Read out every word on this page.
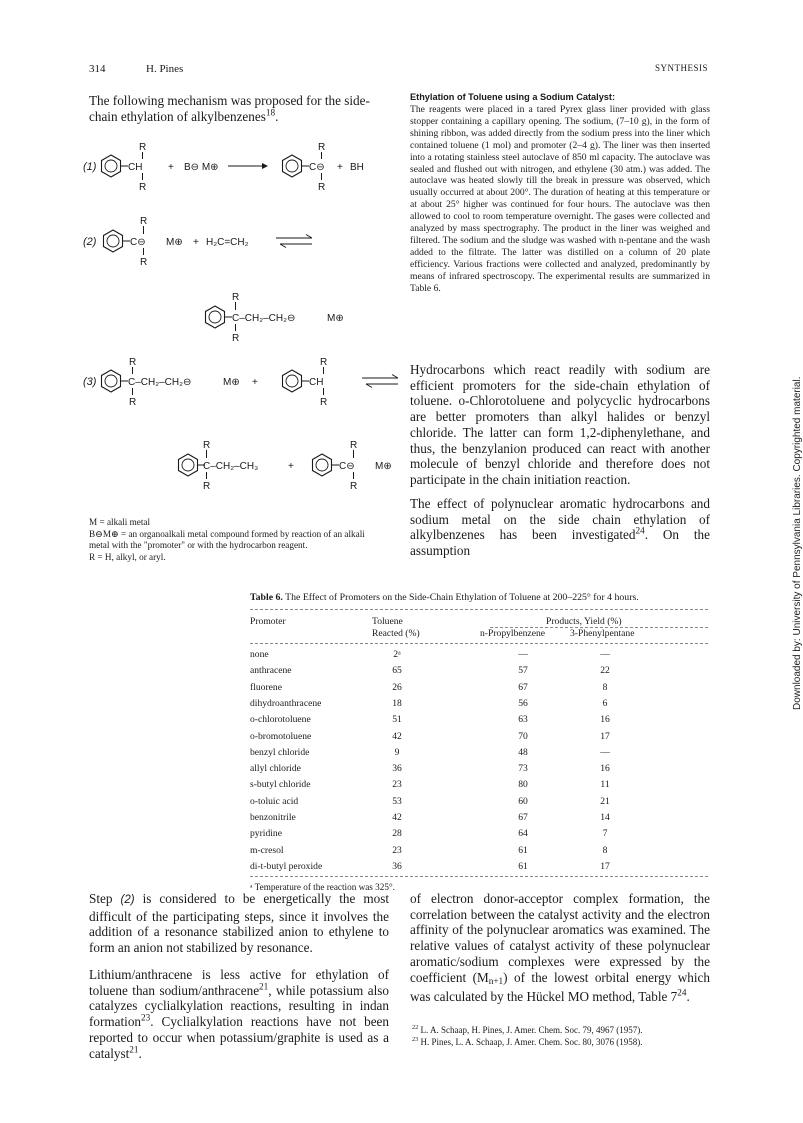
314	H. Pines	SYNTHESIS
The following mechanism was proposed for the side-chain ethylation of alkylbenzenes$^{18}$.
(1)
R
CH
R
+ B⊖ M⊕
R
C⊖
R
+ BH
(2)
R
C⊖
R
M⊕ + H₂C=CH₂
R
C–CH₂–CH₂⊖
R
M⊕
(3)
R
C–CH₂–CH₂⊖
R
M⊕ +
R
CH
R
R
C–CH₂–CH₃
R
+
R
C⊖
R
M⊕
M = alkali metal
B⊖M⊕ = an organoalkali metal compound formed by reaction of an alkali metal with the "promoter" or with the hydrocarbon reagent.
R = H, alkyl, or aryl.
Ethylation of Toluene using a Sodium Catalyst:
The reagents were placed in a tared Pyrex glass liner provided with glass stopper containing a capillary opening. The sodium, (7–10 g), in the form of shining ribbon, was added directly from the sodium press into the liner which contained toluene (1 mol) and promoter (2–4 g). The liner was then inserted into a rotating stainless steel autoclave of 850 ml capacity. The autoclave was sealed and flushed out with nitrogen, and ethylene (30 atm.) was added. The autoclave was heated slowly till the break in pressure was observed, which usually occurred at about 200°. The duration of heating at this temperature or at about 25° higher was continued for four hours. The autoclave was then allowed to cool to room temperature overnight. The gases were collected and analyzed by mass spectrography. The product in the liner was weighed and filtered. The sodium and the sludge was washed with n-pentane and the wash added to the filtrate. The latter was distilled on a column of 20 plate efficiency. Various fractions were collected and analyzed, predominantly by means of infrared spectroscopy. The experimental results are summarized in Table 6.
Hydrocarbons which react readily with sodium are efficient promoters for the side-chain ethylation of toluene. o-Chlorotoluene and polycyclic hydrocarbons are better promoters than alkyl halides or benzyl chloride. The latter can form 1,2-diphenylethane, and thus, the benzylanion produced can react with another molecule of benzyl chloride and therefore does not participate in the chain initiation reaction.
The effect of polynuclear aromatic hydrocarbons and sodium metal on the side chain ethylation of alkylbenzenes has been investigated$^{24}$. On the assumption
Table 6. The Effect of Promoters on the Side-Chain Ethylation of Toluene at 200–225° for 4 hours.
Promoter	Toluene
Reacted (%)
Products, Yield (%)
n-Propylbenzene	3-Phenylpentane
none	2ᵃ	—	—
anthracene	65	57	22
fluorene	26	67	8
dihydroanthracene	18	56	6
o-chlorotoluene	51	63	16
o-bromotoluene	42	70	17
benzyl chloride	9	48	—
allyl chloride	36	73	16
s-butyl chloride	23	80	11
o-toluic acid	53	60	21
benzonitrile	42	67	14
pyridine	28	64	7
m-cresol	23	61	8
di-t-butyl peroxide	36	61	17
ᵃ Temperature of the reaction was 325°.
Step (2) is considered to be energetically the most difficult of the participating steps, since it involves the addition of a resonance stabilized anion to ethylene to form an anion not stabilized by resonance.
Lithium/anthracene is less active for ethylation of toluene than sodium/anthracene$^{21}$, while potassium also catalyzes cyclialkylation reactions, resulting in indan formation$^{23}$. Cyclialkylation reactions have not been reported to occur when potassium/graphite is used as a catalyst$^{21}$.
of electron donor-acceptor complex formation, the correlation between the catalyst activity and the electron affinity of the polynuclear aromatics was examined. The relative values of catalyst activity of these polynuclear aromatic/sodium complexes were expressed by the coefficient $(M_{n+1})$ of the lowest orbital energy which was calculated by the Hückel MO method, Table $7^{24}$.
$^{22}$ L. A. Schaap, H. Pines, J. Amer. Chem. Soc. 79, 4967 (1957).
$^{23}$ H. Pines, L. A. Schaap, J. Amer. Chem. Soc. 80, 3076 (1958).
Downloaded by: University of Pennsylvania Libraries. Copyrighted material.
